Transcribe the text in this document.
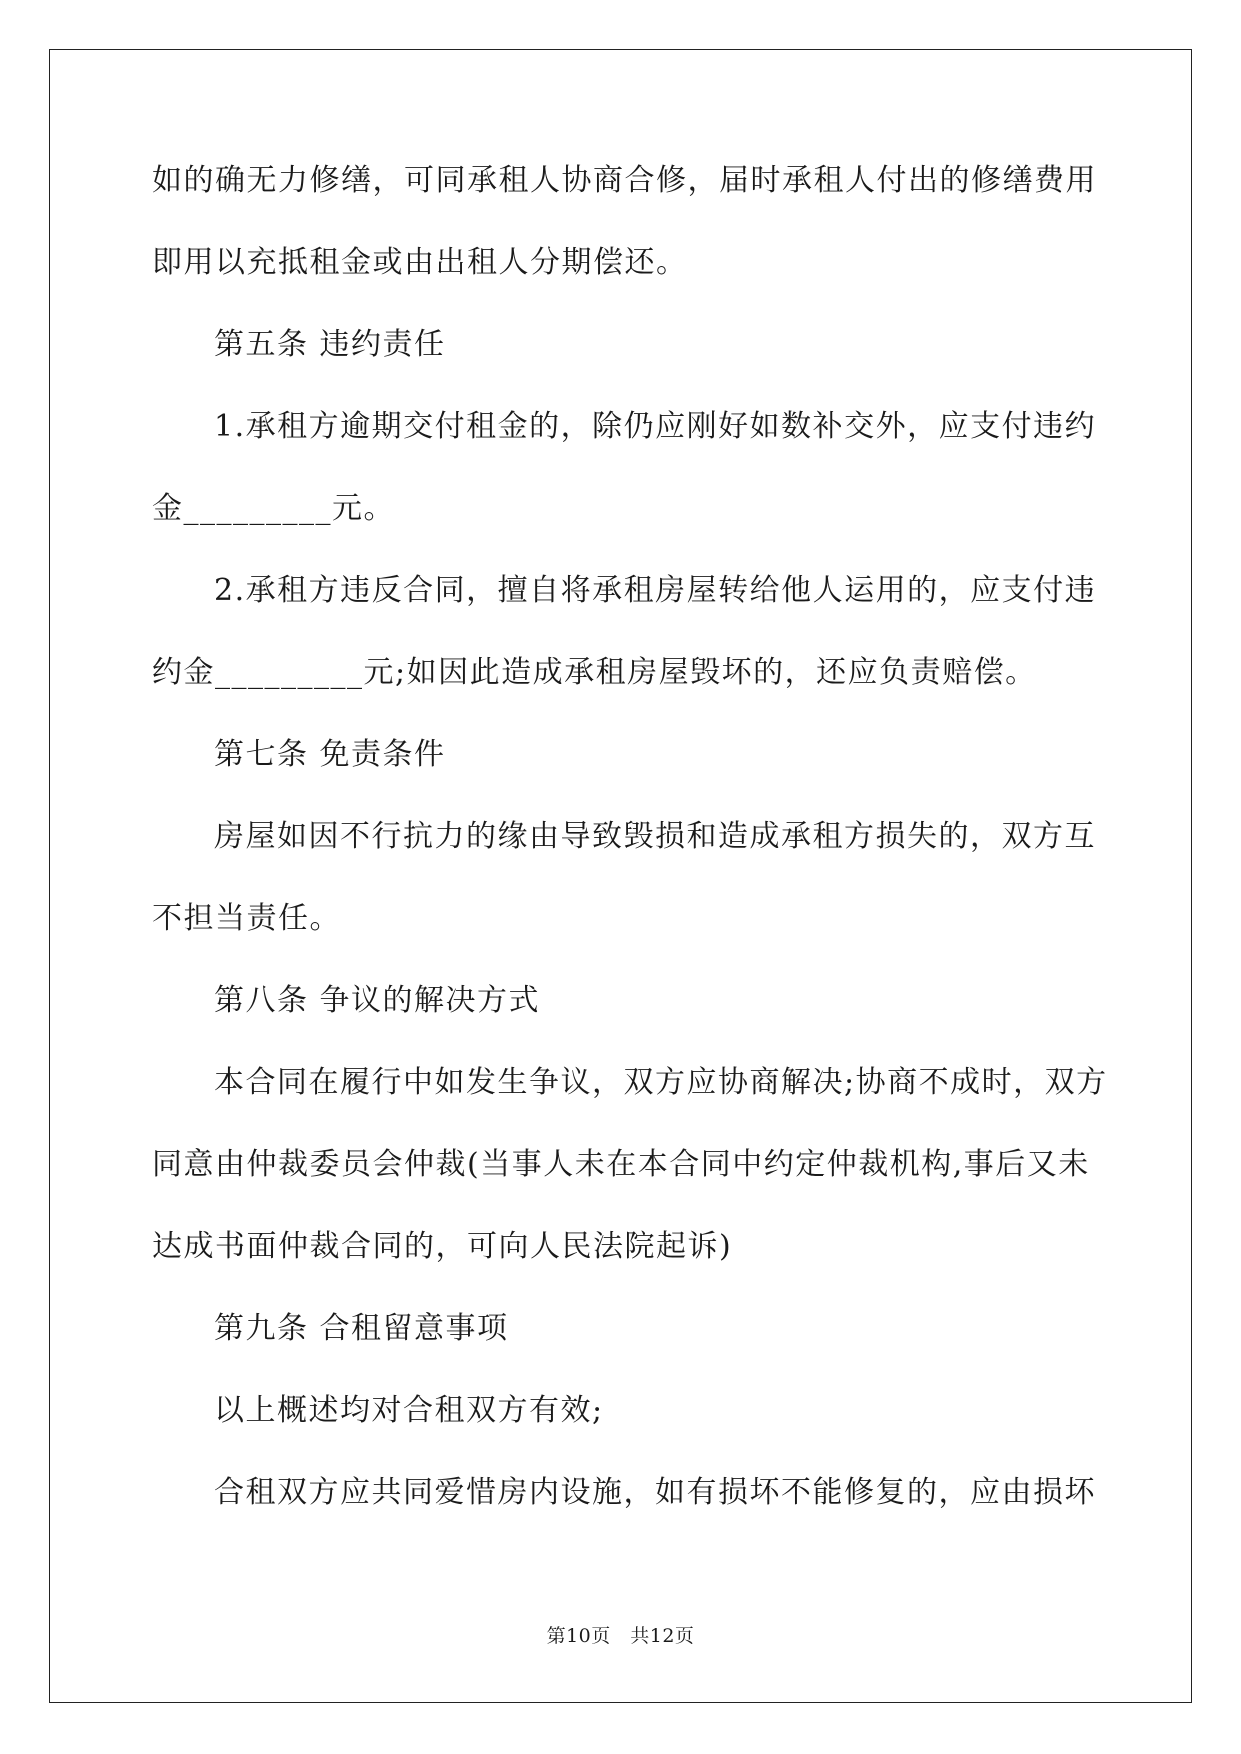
如的确无力修缮，可同承租人协商合修，届时承租人付出的修缮费用
即用以充抵租金或由出租人分期偿还。
第五条 违约责任
1.承租方逾期交付租金的，除仍应刚好如数补交外，应支付违约
金_________元。
2.承租方违反合同，擅自将承租房屋转给他人运用的，应支付违
约金_________元;如因此造成承租房屋毁坏的，还应负责赔偿。
第七条 免责条件
房屋如因不行抗力的缘由导致毁损和造成承租方损失的，双方互
不担当责任。
第八条 争议的解决方式
本合同在履行中如发生争议，双方应协商解决;协商不成时，双方
同意由仲裁委员会仲裁(当事人未在本合同中约定仲裁机构,事后又未
达成书面仲裁合同的，可向人民法院起诉)
第九条 合租留意事项
以上概述均对合租双方有效;
合租双方应共同爱惜房内设施，如有损坏不能修复的，应由损坏
第10页　共12页
